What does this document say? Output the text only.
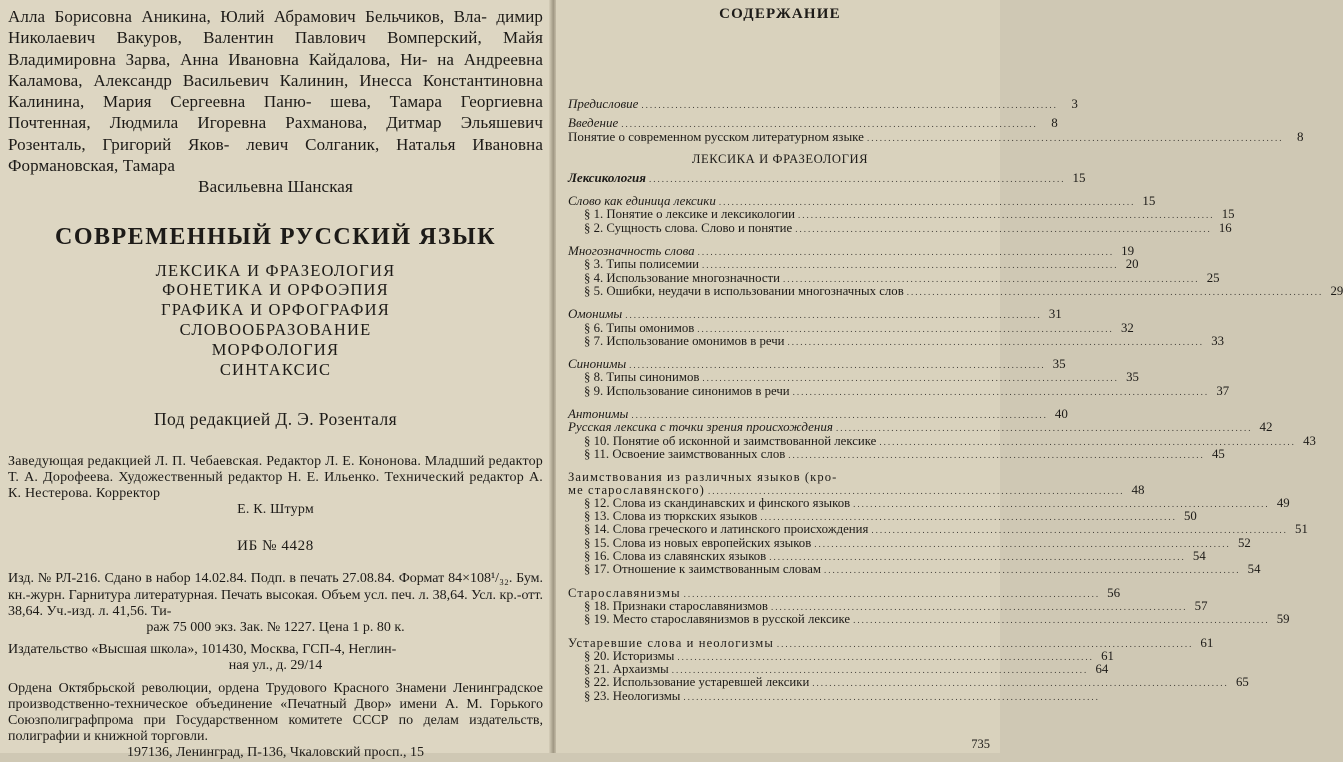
Алла Борисовна Аникина, Юлий Абрамович Бельчиков, Вла- димир Николаевич Вакуров, Валентин Павлович Вомперский, Майя Владимировна Зарва, Анна Ивановна Кайдалова, Ни- на Андреевна Каламова, Александр Васильевич Калинин, Инесса Константиновна Калинина, Мария Сергеевна Паню- шева, Тамара Георгиевна Почтенная, Людмила Игоревна Рахманова, Дитмар Эльяшевич Розенталь, Григорий Яков- левич Солганик, Наталья Ивановна Формановская, Тамара
Васильевна Шанская

СОВРЕМЕННЫЙ РУССКИЙ ЯЗЫК
ЛЕКСИКА И ФРАЗЕОЛОГИЯ
ФОНЕТИКА И ОРФОЭПИЯ
ГРАФИКА И ОРФОГРАФИЯ
СЛОВООБРАЗОВАНИЕ
МОРФОЛОГИЯ
СИНТАКСИС
Под редакцией Д. Э. Розенталя

Заведующая редакцией Л. П. Чебаевская. Редактор Л. Е. Кононова. Младший редактор Т. А. Дорофеева. Художественный редактор Н. Е. Ильенко. Технический редактор А. К. Нестерова. Корректор
Е. К. Штурм

ИБ № 4428

Изд. № РЛ-216. Сдано в набор 14.02.84. Подп. в печать 27.08.84. Формат 84×108¹/₃₂. Бум. кн.-журн. Гарнитура литературная. Печать высокая. Объем усл. печ. л. 38,64. Усл. кр.-отт. 38,64. Уч.-изд. л. 41,56. Ти-
раж 75 000 экз. Зак. № 1227. Цена 1 р. 80 к.

Издательство «Высшая школа», 101430, Москва, ГСП-4, Неглин-
ная ул., д. 29/14

Ордена Октябрьской революции, ордена Трудового Красного Знамени Ленинградское производственно-техническое объединение «Печатный Двор» имени А. М. Горького Союзполиграфпрома при Государственном комитете СССР по делам издательств, полиграфии и книжной торговли.
197136, Ленинград, П-136, Чкаловский просп., 15

СОДЕРЖАНИЕ
Предисловие ..................................................................................................	3
Введение ..................................................................................................	8
Понятие о современном русском литературном языке ..................................................................................................	8
ЛЕКСИКА И ФРАЗЕОЛОГИЯ
Лексикология .................................................................................................. 15
Слово как единица лексики .................................................................................................. 15
§ 1. Понятие о лексике и лексикологии .................................................................................................. 15
§ 2. Сущность слова. Слово и понятие .................................................................................................. 16
Многозначность слова .................................................................................................. 19
§ 3. Типы полисемии .................................................................................................. 20
§ 4. Использование многозначности .................................................................................................. 25
§ 5. Ошибки, неудачи в использовании многозначных слов .................................................................................................. 29
Омонимы .................................................................................................. 31
§ 6. Типы омонимов .................................................................................................. 32
§ 7. Использование омонимов в речи .................................................................................................. 33
Синонимы .................................................................................................. 35
§ 8. Типы синонимов .................................................................................................. 35
§ 9. Использование синонимов в речи .................................................................................................. 37
Антонимы .................................................................................................. 40
Русская лексика с точки зрения происхождения .................................................................................................. 42
§ 10. Понятие об исконной и заимствованной лексике .................................................................................................. 43
§ 11. Освоение заимствованных слов .................................................................................................. 45
Заимствования из различных языков (кро-
ме старославянского) .................................................................................................. 48
§ 12. Слова из скандинавских и финского языков .................................................................................................. 49
§ 13. Слова из тюркских языков .................................................................................................. 50
§ 14. Слова греческого и латинского происхождения .................................................................................................. 51
§ 15. Слова из новых европейских языков .................................................................................................. 52
§ 16. Слова из славянских языков .................................................................................................. 54
§ 17. Отношение к заимствованным словам .................................................................................................. 54
Старославянизмы .................................................................................................. 56
§ 18. Признаки старославянизмов .................................................................................................. 57
§ 19. Место старославянизмов в русской лексике .................................................................................................. 59
Устаревшие слова и неологизмы .................................................................................................. 61
§ 20. Историзмы .................................................................................................. 61
§ 21. Архаизмы .................................................................................................. 64
§ 22. Использование устаревшей лексики .................................................................................................. 65
§ 23. Неологизмы ..................................................................................................
735
